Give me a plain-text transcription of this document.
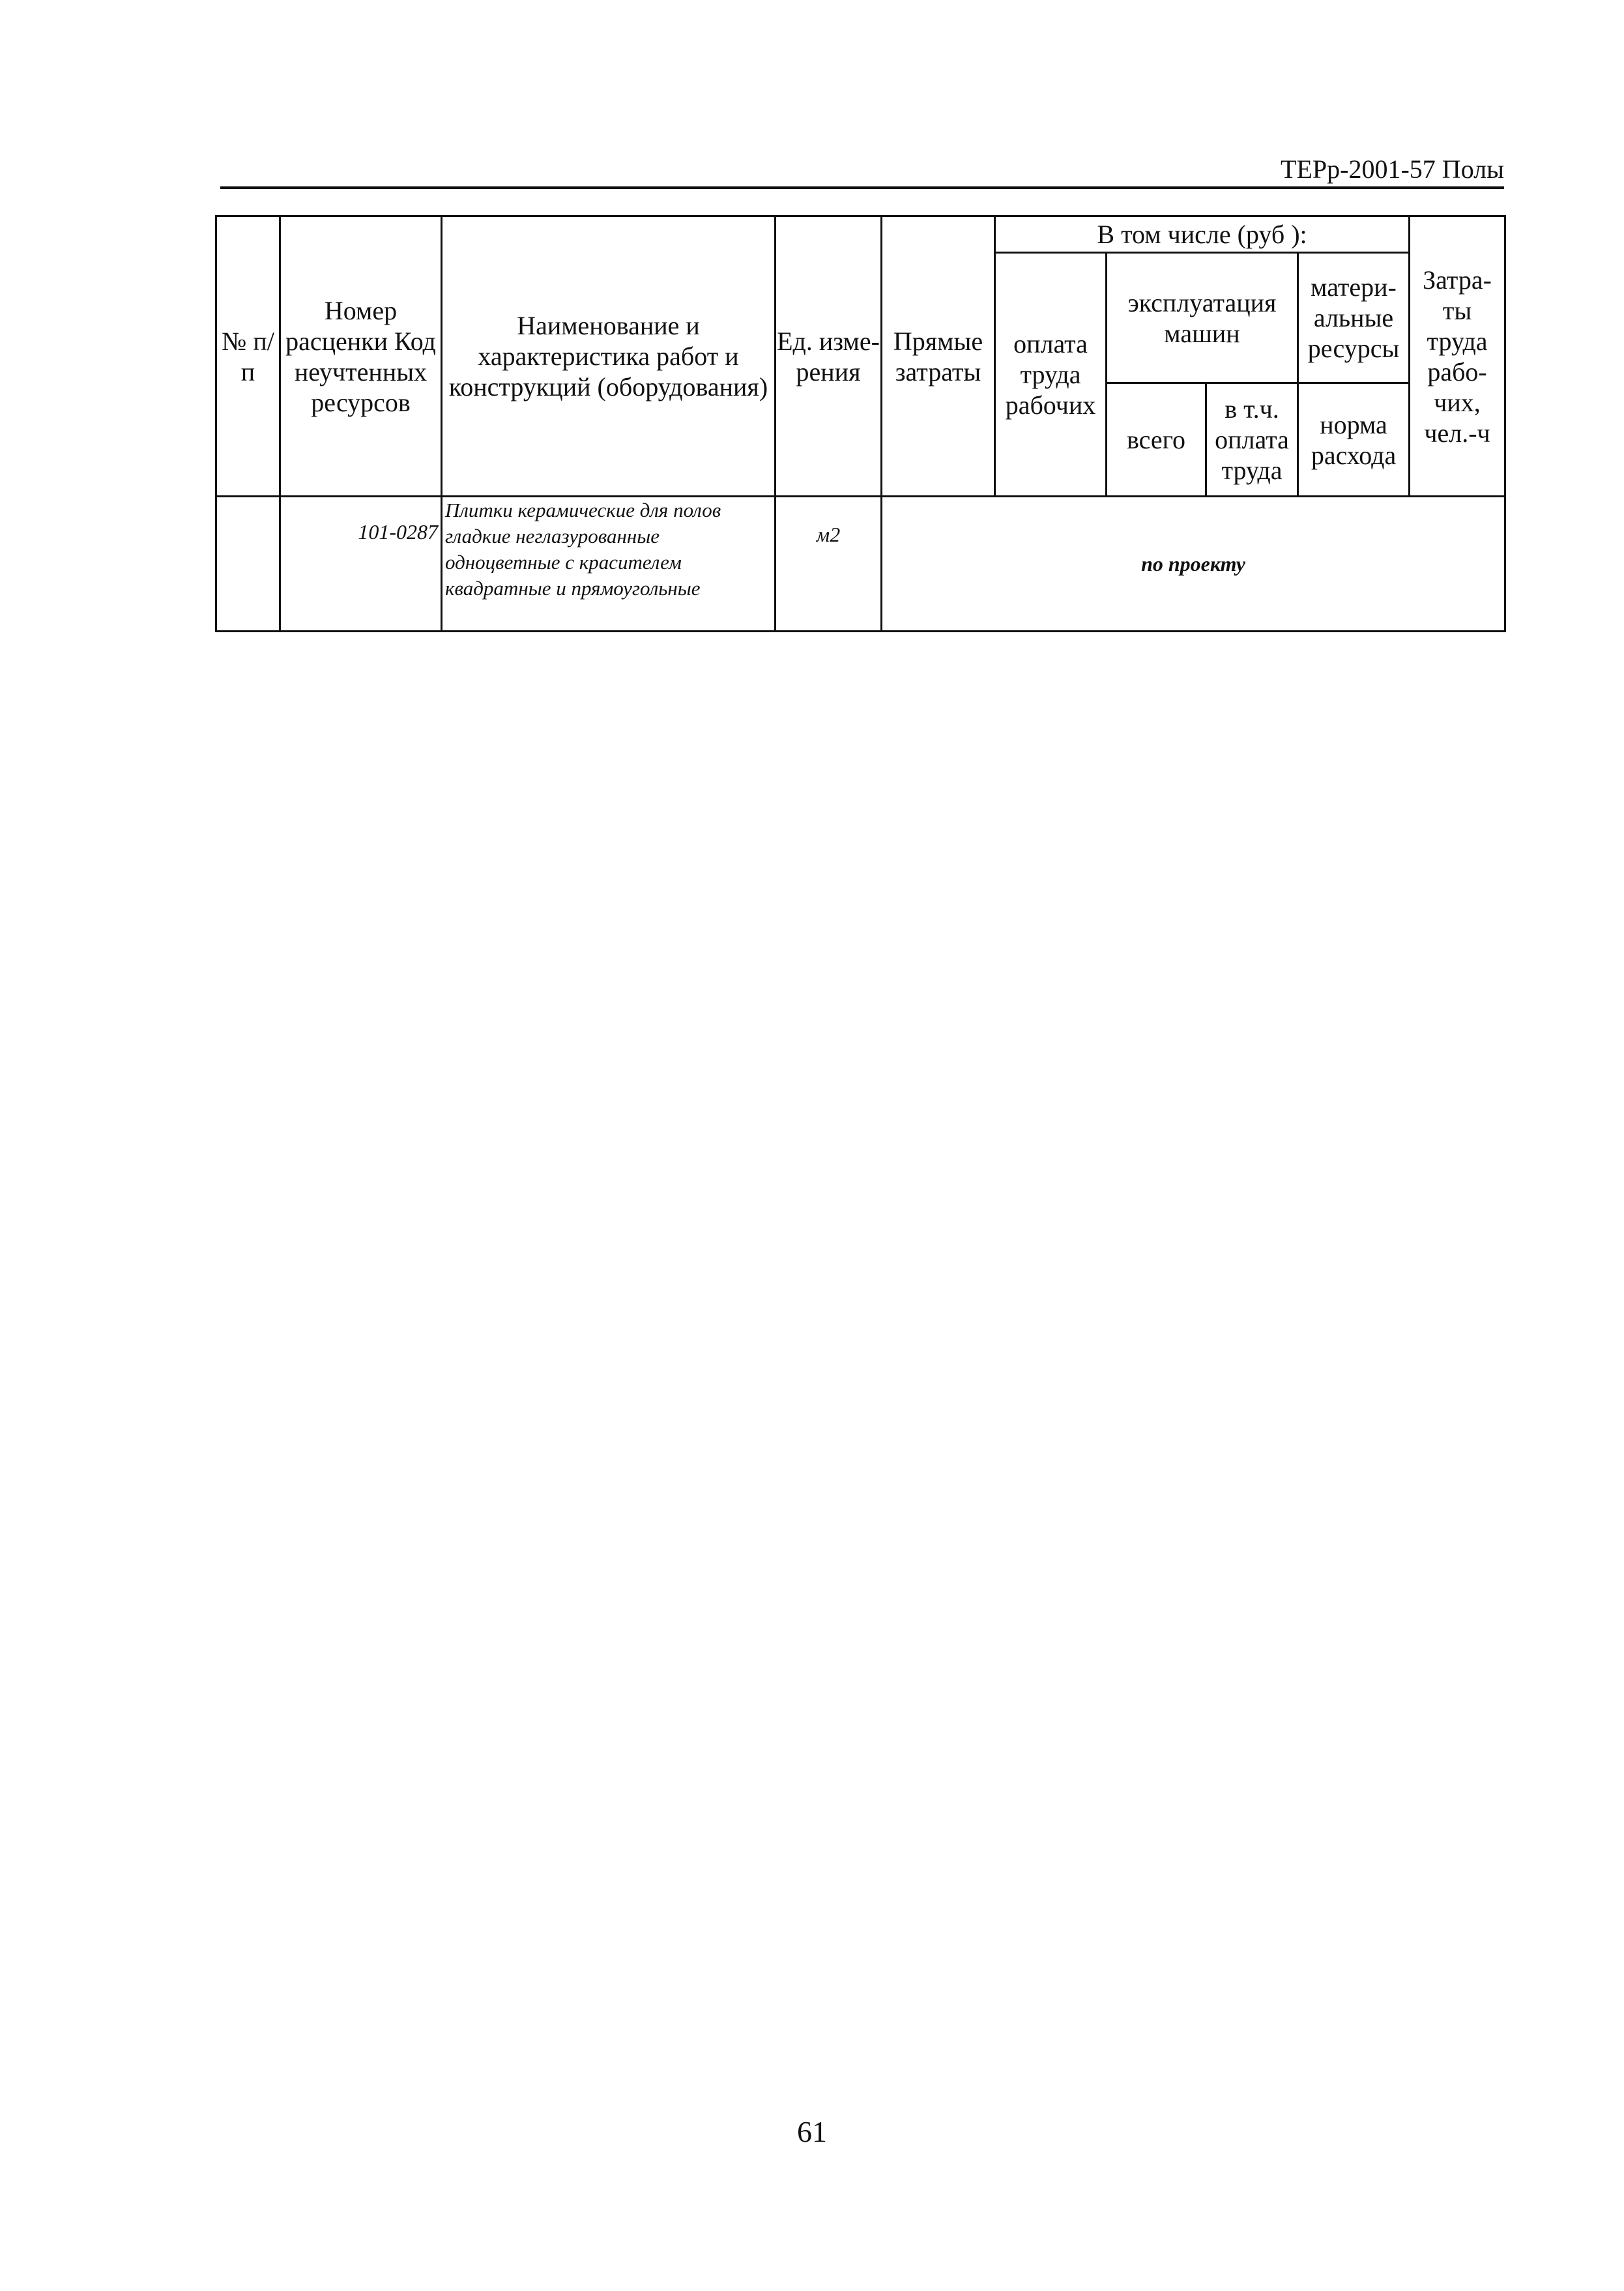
ТЕРр-2001-57 Полы
№ п/п	Номер расценки Код неучтенных ресурсов	Наименование и характеристика работ и конструкций (оборудования)	Ед. изме-рения	Прямые затраты	В том числе (руб ):				Затра-ты труда рабо-чих, чел.-ч
					оплата труда рабочих	эксплуатация машин		матери-альные ресурсы	
						всего	в т.ч. оплата труда	норма расхода	

	101-0287	Плитки керамические для полов гладкие неглазурованные одноцветные с красителем квадратные и прямоугольные	м2	по проекту					
61
